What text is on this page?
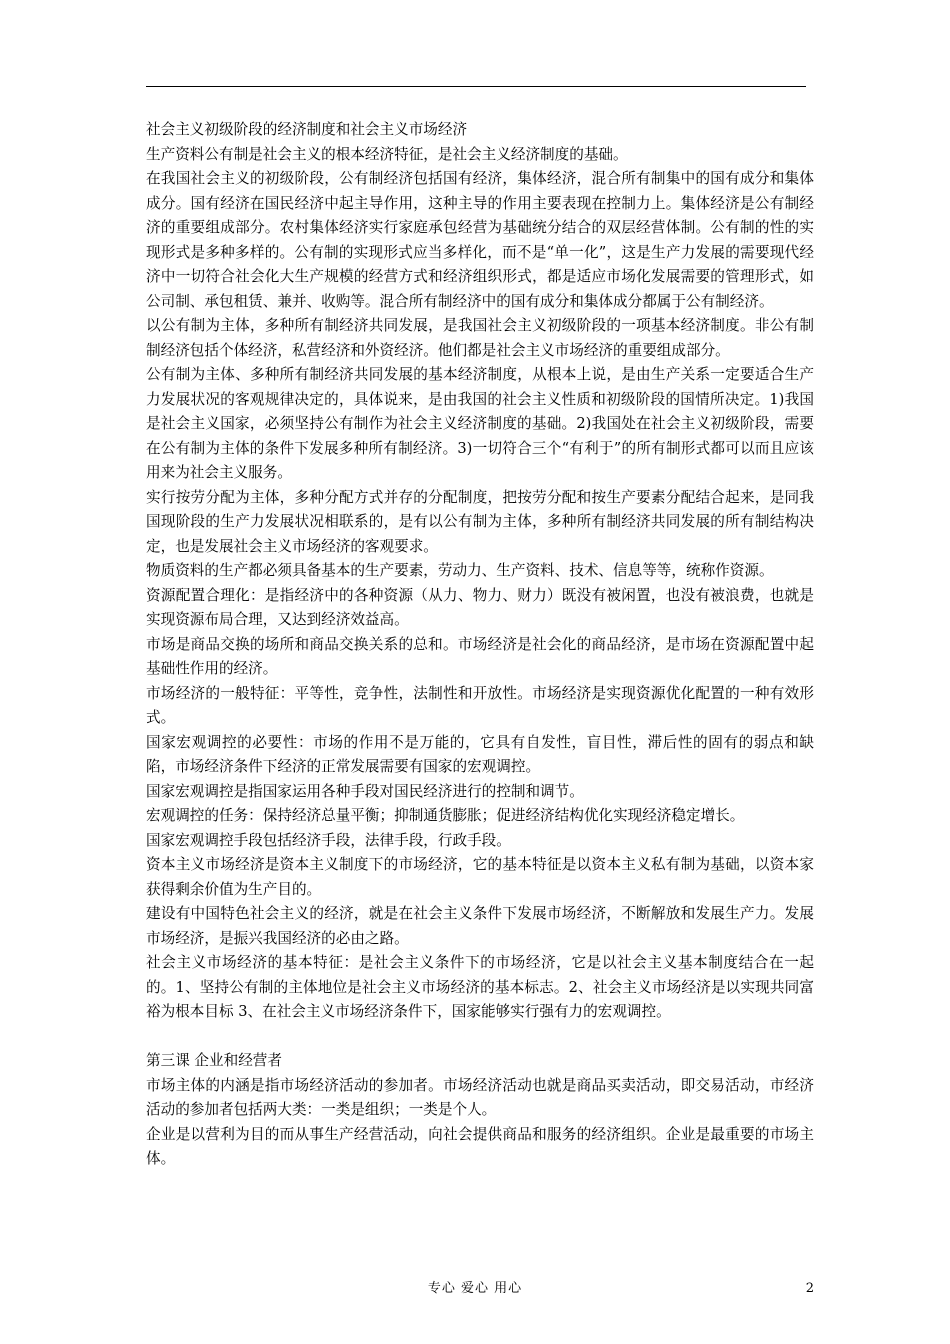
社会主义初级阶段的经济制度和社会主义市场经济

生产资料公有制是社会主义的根本经济特征，是社会主义经济制度的基础。

在我国社会主义的初级阶段，公有制经济包括国有经济，集体经济，混合所有制集中的国有成分和集体成分。国有经济在国民经济中起主导作用，这种主导的作用主要表现在控制力上。集体经济是公有制经济的重要组成部分。农村集体经济实行家庭承包经营为基础统分结合的双层经营体制。公有制的性的实现形式是多种多样的。公有制的实现形式应当多样化，而不是“单一化”，这是生产力发展的需要现代经济中一切符合社会化大生产规模的经营方式和经济组织形式，都是适应市场化发展需要的管理形式，如公司制、承包租赁、兼并、收购等。混合所有制经济中的国有成分和集体成分都属于公有制经济。

以公有制为主体，多种所有制经济共同发展，是我国社会主义初级阶段的一项基本经济制度。非公有制制经济包括个体经济，私营经济和外资经济。他们都是社会主义市场经济的重要组成部分。

公有制为主体、多种所有制经济共同发展的基本经济制度，从根本上说，是由生产关系一定要适合生产力发展状况的客观规律决定的，具体说来，是由我国的社会主义性质和初级阶段的国情所决定。1)我国是社会主义国家，必须坚持公有制作为社会主义经济制度的基础。2)我国处在社会主义初级阶段，需要在公有制为主体的条件下发展多种所有制经济。3)一切符合三个“有利于”的所有制形式都可以而且应该用来为社会主义服务。

实行按劳分配为主体，多种分配方式并存的分配制度，把按劳分配和按生产要素分配结合起来，是同我国现阶段的生产力发展状况相联系的，是有以公有制为主体，多种所有制经济共同发展的所有制结构决定，也是发展社会主义市场经济的客观要求。

物质资料的生产都必须具备基本的生产要素，劳动力、生产资料、技术、信息等等，统称作资源。

资源配置合理化：是指经济中的各种资源（从力、物力、财力）既没有被闲置，也没有被浪费，也就是实现资源布局合理，又达到经济效益高。

市场是商品交换的场所和商品交换关系的总和。市场经济是社会化的商品经济，是市场在资源配置中起基础性作用的经济。

市场经济的一般特征：平等性，竞争性，法制性和开放性。市场经济是实现资源优化配置的一种有效形式。

国家宏观调控的必要性：市场的作用不是万能的，它具有自发性，盲目性，滞后性的固有的弱点和缺陷，市场经济条件下经济的正常发展需要有国家的宏观调控。

国家宏观调控是指国家运用各种手段对国民经济进行的控制和调节。

宏观调控的任务：保持经济总量平衡；抑制通货膨胀；促进经济结构优化实现经济稳定增长。

国家宏观调控手段包括经济手段，法律手段，行政手段。

资本主义市场经济是资本主义制度下的市场经济，它的基本特征是以资本主义私有制为基础，以资本家获得剩余价值为生产目的。

建设有中国特色社会主义的经济，就是在社会主义条件下发展市场经济，不断解放和发展生产力。发展市场经济，是振兴我国经济的必由之路。

社会主义市场经济的基本特征：是社会主义条件下的市场经济，它是以社会主义基本制度结合在一起的。1、坚持公有制的主体地位是社会主义市场经济的基本标志。2、社会主义市场经济是以实现共同富裕为根本目标 3、在社会主义市场经济条件下，国家能够实行强有力的宏观调控。

第三课 企业和经营者

市场主体的内涵是指市场经济活动的参加者。市场经济活动也就是商品买卖活动，即交易活动，市经济活动的参加者包括两大类：一类是组织；一类是个人。

企业是以营利为目的而从事生产经营活动，向社会提供商品和服务的经济组织。企业是最重要的市场主体。

专心 爱心 用心	2
